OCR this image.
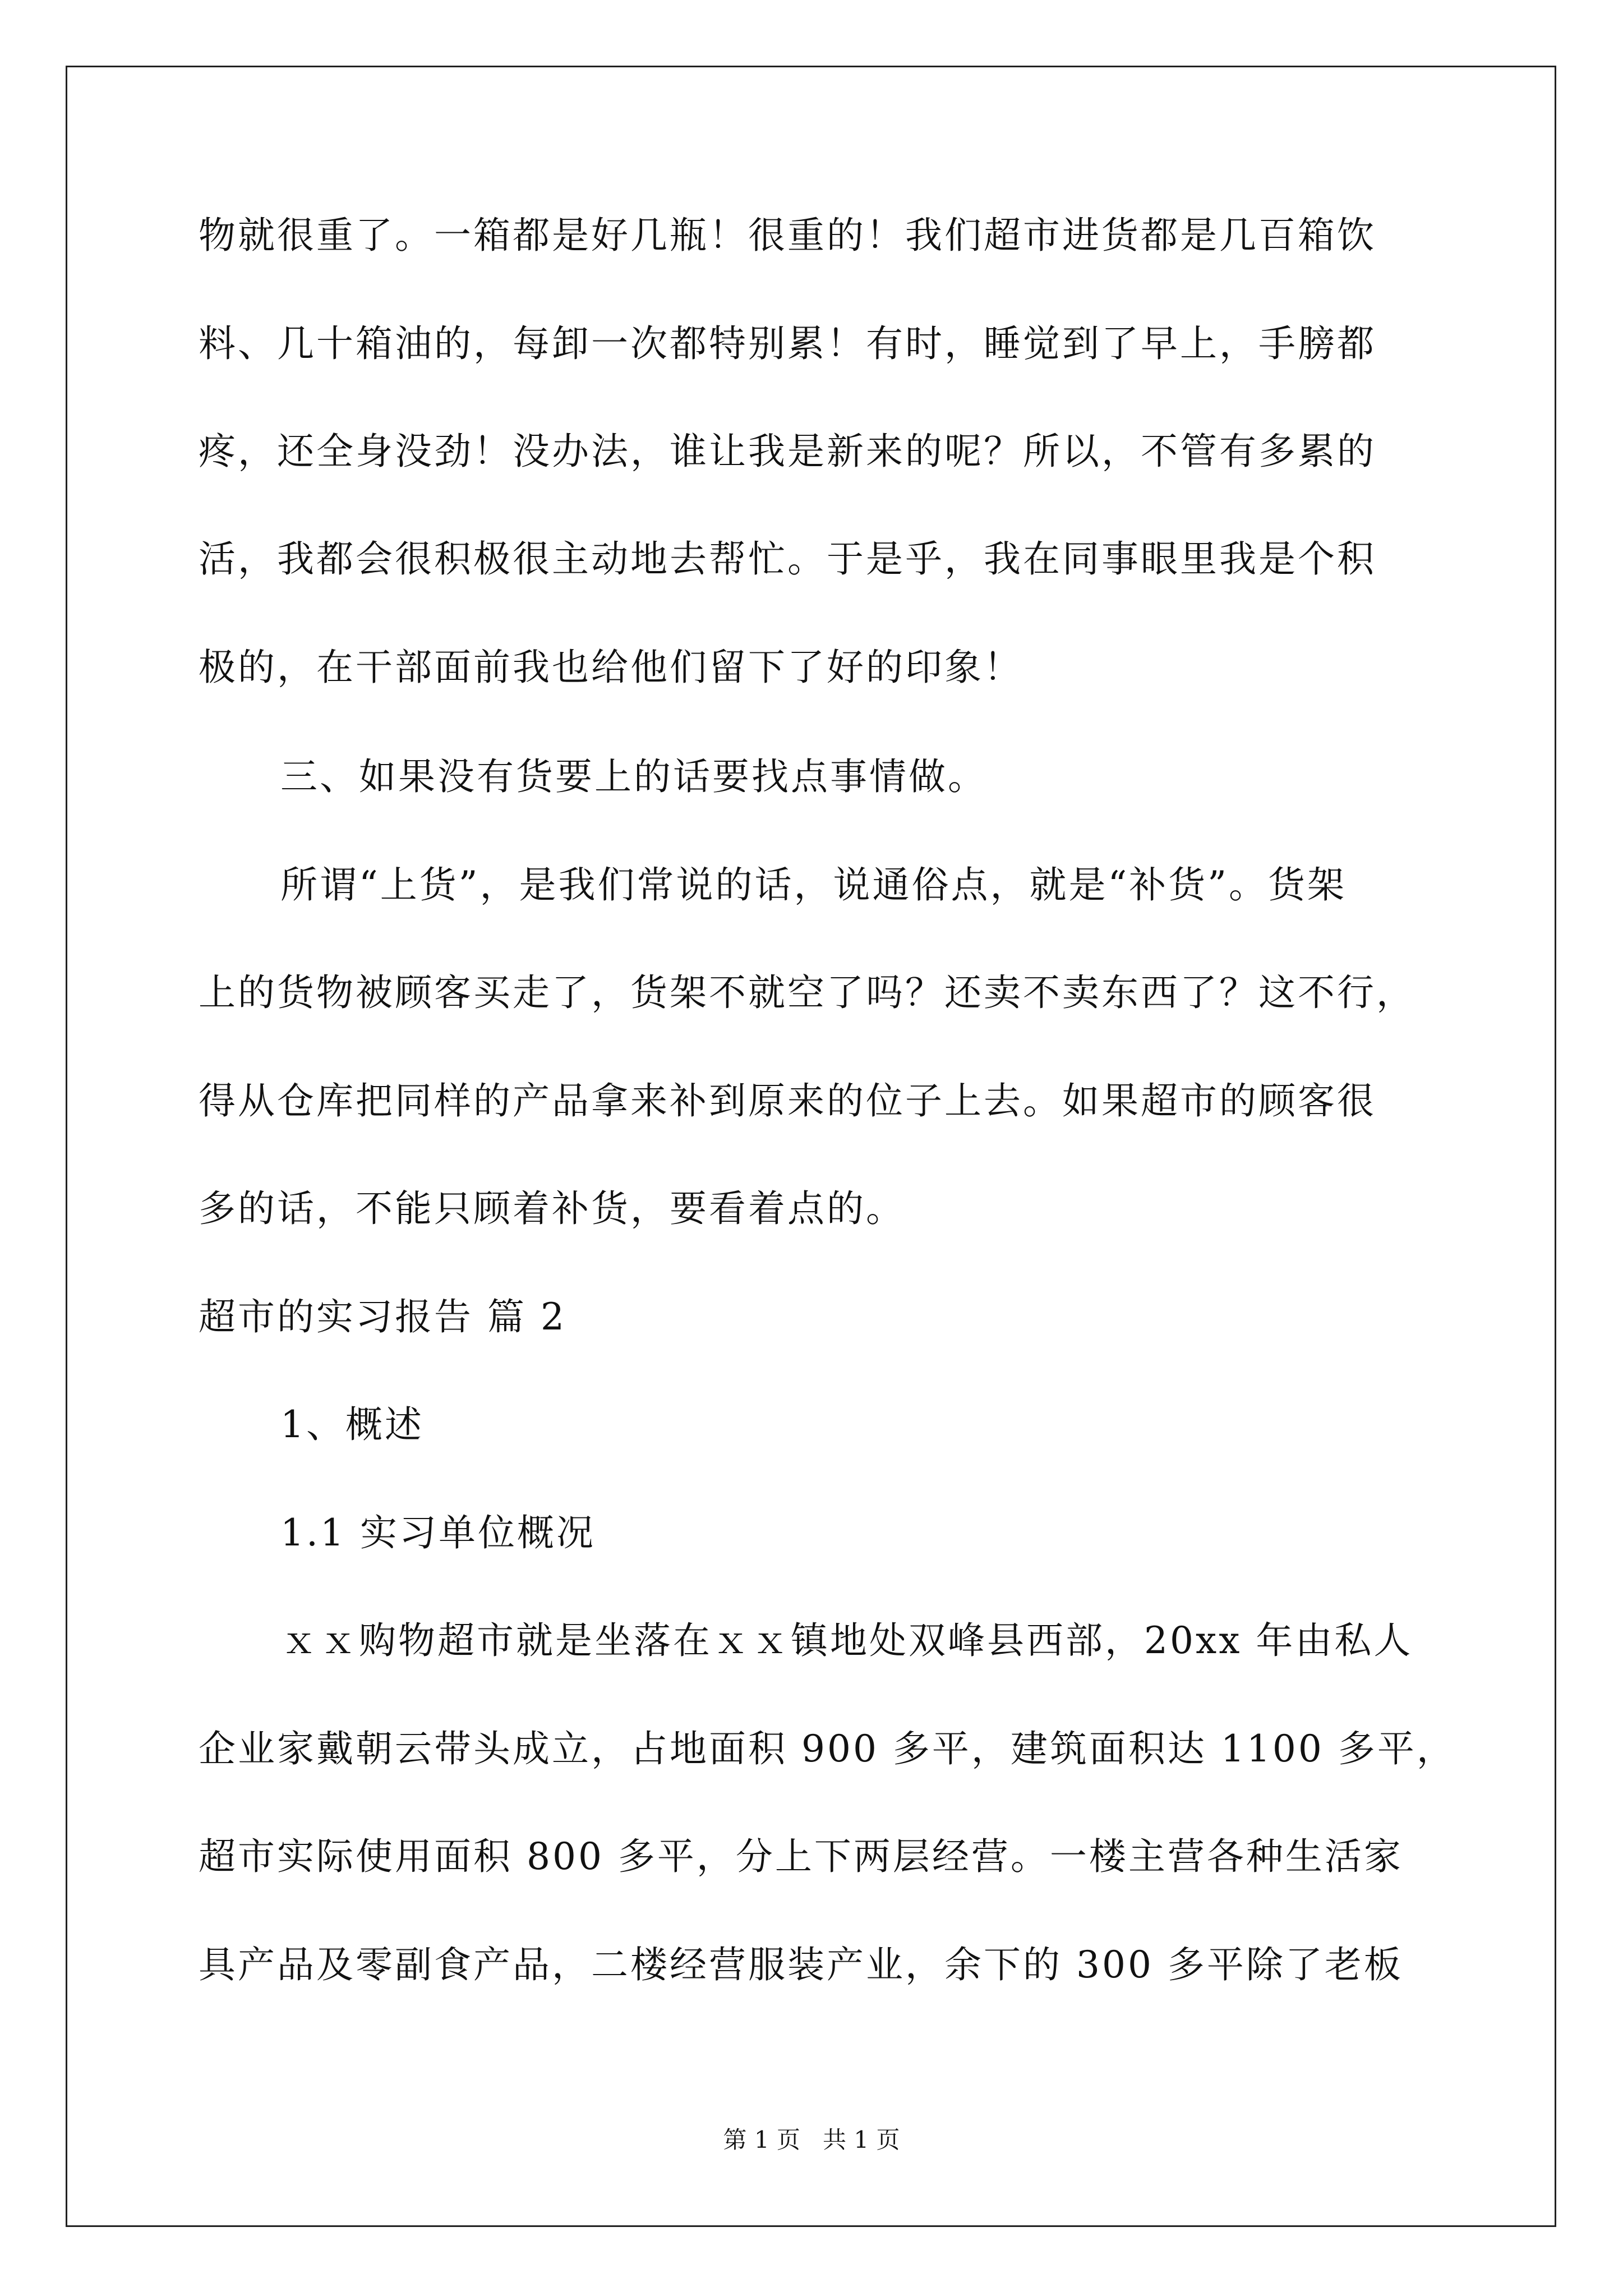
物就很重了。一箱都是好几瓶！很重的！我们超市进货都是几百箱饮
料、几十箱油的，每卸一次都特别累！有时，睡觉到了早上，手膀都
疼，还全身没劲！没办法，谁让我是新来的呢？所以，不管有多累的
活，我都会很积极很主动地去帮忙。于是乎，我在同事眼里我是个积
极的，在干部面前我也给他们留下了好的印象！
三、如果没有货要上的话要找点事情做。
所谓“上货”，是我们常说的话，说通俗点，就是“补货”。货架
上的货物被顾客买走了，货架不就空了吗？还卖不卖东西了？这不行，
得从仓库把同样的产品拿来补到原来的位子上去。如果超市的顾客很
多的话，不能只顾着补货，要看着点的。
超市的实习报告 篇 2
1、概述
1.1 实习单位概况
ｘｘ购物超市就是坐落在ｘｘ镇地处双峰县西部，20xx 年由私人
企业家戴朝云带头成立，占地面积 900 多平，建筑面积达 1100 多平，
超市实际使用面积 800 多平，分上下两层经营。一楼主营各种生活家
具产品及零副食产品，二楼经营服装产业，余下的 300 多平除了老板
第 1 页   共 1 页
